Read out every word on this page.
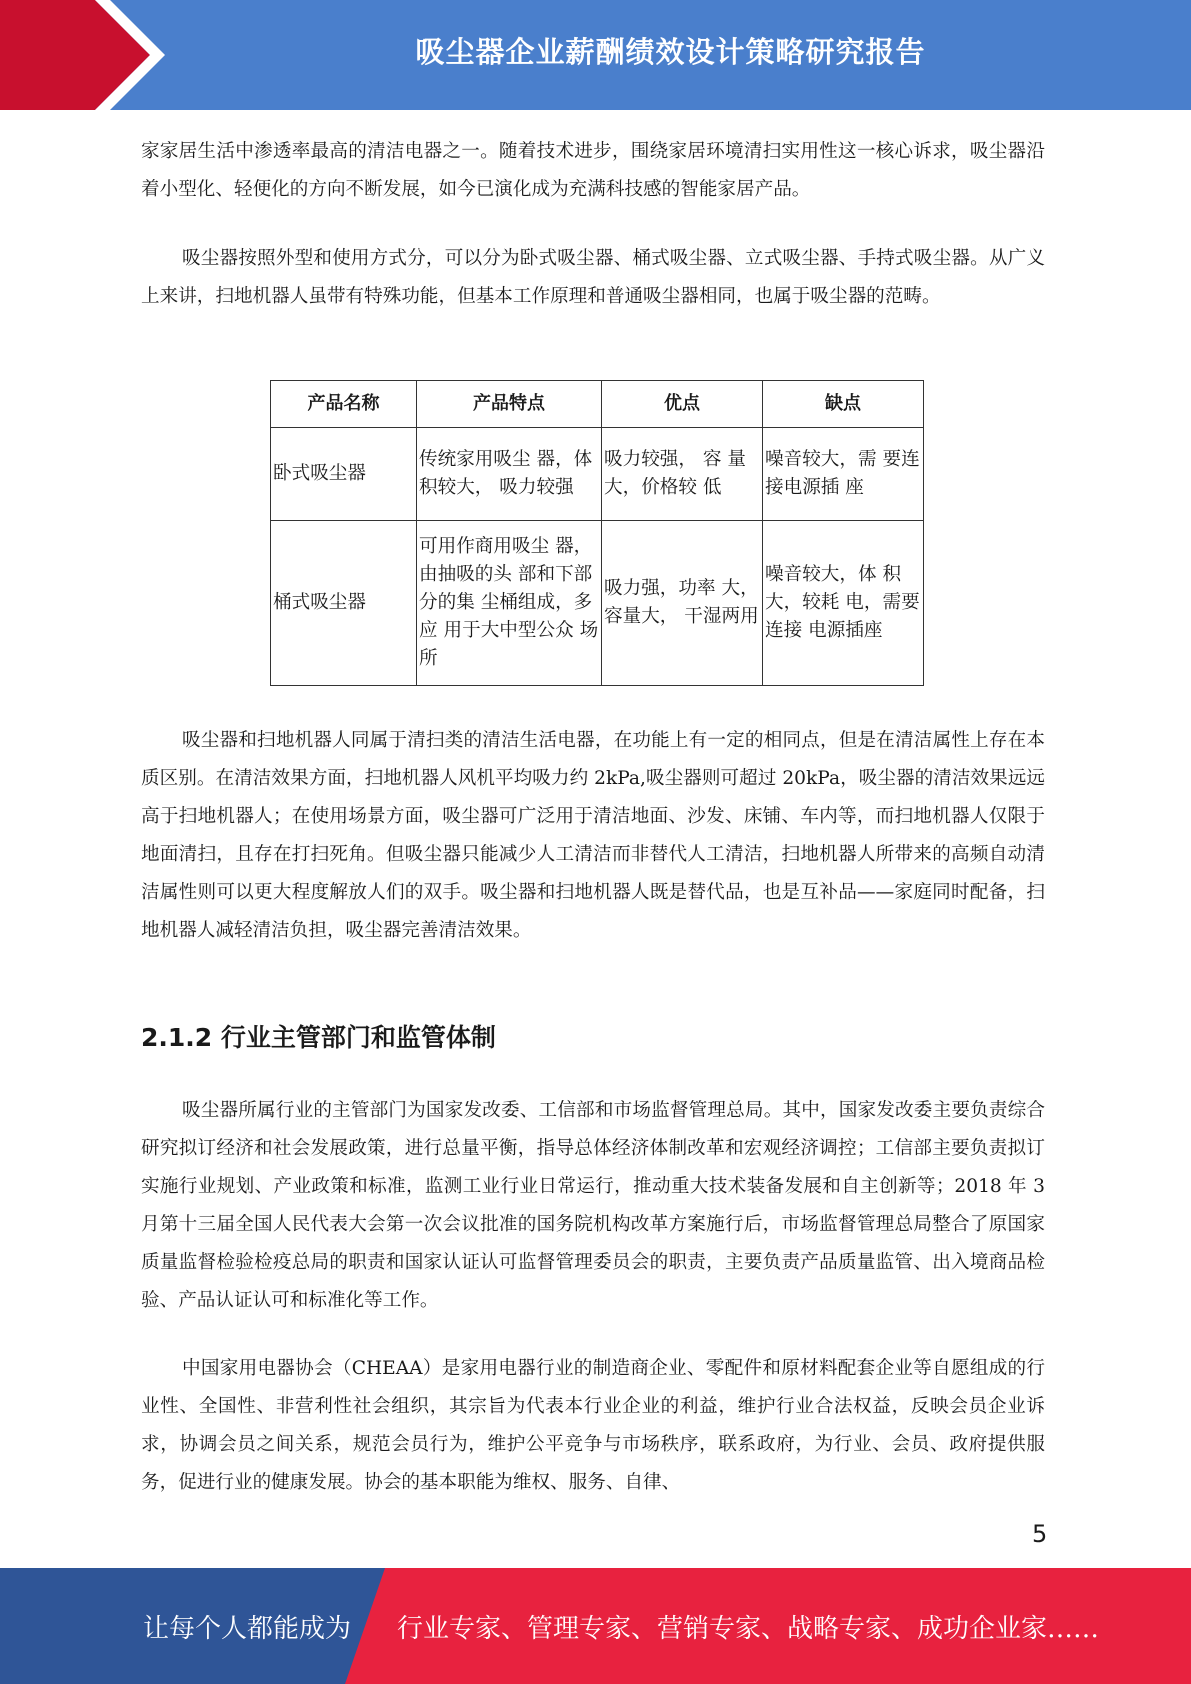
吸尘器企业薪酬绩效设计策略研究报告

家家居生活中渗透率最高的清洁电器之一。随着技术进步，围绕家居环境清扫实用性这一核心诉求，吸尘器沿着小型化、轻便化的方向不断发展，如今已演化成为充满科技感的智能家居产品。

吸尘器按照外型和使用方式分，可以分为卧式吸尘器、桶式吸尘器、立式吸尘器、手持式吸尘器。从广义上来讲，扫地机器人虽带有特殊功能，但基本工作原理和普通吸尘器相同，也属于吸尘器的范畴。

产品名称	产品特点	优点	缺点
卧式吸尘器	传统家用吸尘 器，体积较大， 吸力较强	吸力较强， 容 量大，价格较 低	噪音较大，需 要连接电源插 座
桶式吸尘器	可用作商用吸尘 器，由抽吸的头 部和下部分的集 尘桶组成，多应 用于大中型公众 场所	吸力强，功率 大，容量大， 干湿两用	噪音较大，体 积大，较耗 电，需要连接 电源插座

吸尘器和扫地机器人同属于清扫类的清洁生活电器，在功能上有一定的相同点，但是在清洁属性上存在本质区别。在清洁效果方面，扫地机器人风机平均吸力约 2kPa,吸尘器则可超过 20kPa，吸尘器的清洁效果远远高于扫地机器人；在使用场景方面，吸尘器可广泛用于清洁地面、沙发、床铺、车内等，而扫地机器人仅限于地面清扫，且存在打扫死角。但吸尘器只能减少人工清洁而非替代人工清洁，扫地机器人所带来的高频自动清洁属性则可以更大程度解放人们的双手。吸尘器和扫地机器人既是替代品，也是互补品——家庭同时配备，扫地机器人减轻清洁负担，吸尘器完善清洁效果。

2.1.2 行业主管部门和监管体制

吸尘器所属行业的主管部门为国家发改委、工信部和市场监督管理总局。其中，国家发改委主要负责综合研究拟订经济和社会发展政策，进行总量平衡，指导总体经济体制改革和宏观经济调控；工信部主要负责拟订实施行业规划、产业政策和标准，监测工业行业日常运行，推动重大技术装备发展和自主创新等；2018 年 3 月第十三届全国人民代表大会第一次会议批准的国务院机构改革方案施行后，市场监督管理总局整合了原国家质量监督检验检疫总局的职责和国家认证认可监督管理委员会的职责，主要负责产品质量监管、出入境商品检验、产品认证认可和标准化等工作。

中国家用电器协会（CHEAA）是家用电器行业的制造商企业、零配件和原材料配套企业等自愿组成的行业性、全国性、非营利性社会组织，其宗旨为代表本行业企业的利益，维护行业合法权益，反映会员企业诉求，协调会员之间关系，规范会员行为，维护公平竞争与市场秩序，联系政府，为行业、会员、政府提供服务，促进行业的健康发展。协会的基本职能为维权、服务、自律、

5
让每个人都能成为 行业专家、管理专家、营销专家、战略专家、成功企业家……
